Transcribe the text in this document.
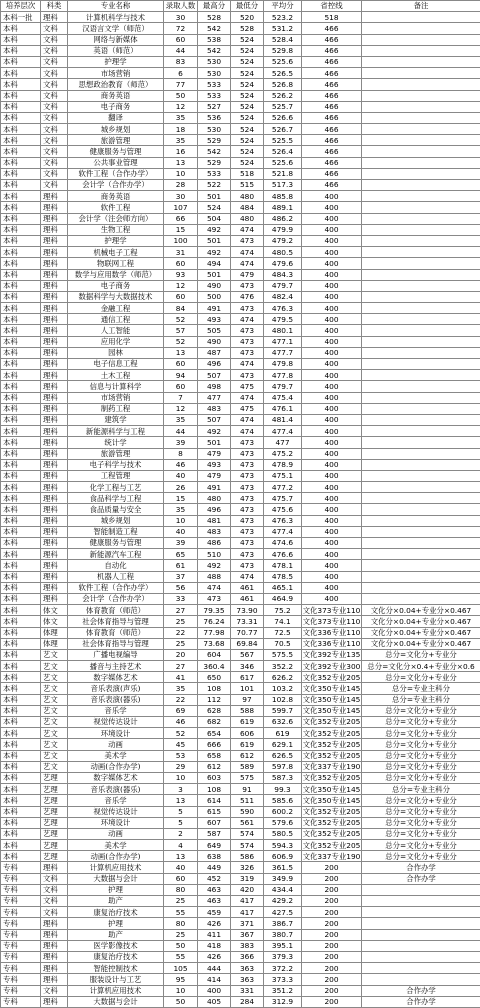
培养层次	科类	专业名称	录取人数	最高分	最低分	平均分	省控线	备注
本科一批	理科	计算机科学与技术	30	528	520	523.2	518	
本科	文科	汉语言文学（师范）	72	542	528	531.2	466	
本科	文科	网络与新媒体	60	538	524	528.4	466	
本科	文科	英语（师范）	44	542	524	529.8	466	
本科	文科	护理学	83	530	524	525.6	466	
本科	文科	市场营销	6	530	524	526.5	466	
本科	文科	思想政治教育（师范）	77	533	524	526.8	466	
本科	文科	商务英语	50	533	524	526.2	466	
本科	文科	电子商务	12	527	524	525.7	466	
本科	文科	翻译	35	536	524	526.6	466	
本科	文科	城乡规划	18	530	524	526.7	466	
本科	文科	旅游管理	35	529	524	525.5	466	
本科	文科	健康服务与管理	16	542	524	526.4	466	
本科	文科	公共事业管理	13	529	524	525.6	466	
本科	文科	软件工程（合作办学）	10	533	518	521.8	466	
本科	文科	会计学（合作办学）	28	522	515	517.3	466	
本科	理科	商务英语	30	501	480	485.8	400	
本科	理科	软件工程	107	524	484	489.1	400	
本科	理科	会计学（注会师方向）	66	504	480	486.2	400	
本科	理科	生物工程	15	492	474	479.9	400	
本科	理科	护理学	100	501	473	479.2	400	
本科	理科	机械电子工程	31	492	474	480.5	400	
本科	理科	物联网工程	60	494	474	479.6	400	
本科	理科	数学与应用数学（师范）	93	501	479	484.3	400	
本科	理科	电子商务	12	490	473	479.7	400	
本科	理科	数据科学与大数据技术	60	500	476	482.4	400	
本科	理科	金融工程	84	491	473	476.3	400	
本科	理科	通信工程	52	493	474	479.5	400	
本科	理科	人工智能	57	505	473	480.1	400	
本科	理科	应用化学	52	490	473	477.1	400	
本科	理科	园林	13	487	473	477.7	400	
本科	理科	电子信息工程	60	496	474	479.8	400	
本科	理科	土木工程	94	507	473	477.8	400	
本科	理科	信息与计算科学	60	498	475	479.7	400	
本科	理科	市场营销	7	477	474	475.4	400	
本科	理科	制药工程	12	483	475	476.1	400	
本科	理科	建筑学	35	507	474	481.4	400	
本科	理科	新能源科学与工程	44	492	474	477.4	400	
本科	理科	统计学	39	501	473	477	400	
本科	理科	旅游管理	8	479	473	475.2	400	
本科	理科	电子科学与技术	46	493	473	478.9	400	
本科	理科	工程管理	40	479	473	475.1	400	
本科	理科	化学工程与工艺	26	491	473	477.2	400	
本科	理科	食品科学与工程	15	480	473	475.7	400	
本科	理科	食品质量与安全	35	496	473	475.6	400	
本科	理科	城乡规划	10	481	473	476.3	400	
本科	理科	智能制造工程	40	483	473	477.4	400	
本科	理科	健康服务与管理	39	486	473	474.6	400	
本科	理科	新能源汽车工程	65	510	473	476.6	400	
本科	理科	自动化	61	492	473	478.1	400	
本科	理科	机器人工程	37	488	474	478.5	400	
本科	理科	软件工程（合作办学）	56	474	461	465.1	400	
本科	理科	会计学（合作办学）	33	473	461	464.9	400	
本科	体文	体育教育（师范）	27	79.35	73.90	75.2	文化373专业110	文化分×0.04+专业分×0.467
本科	体文	社会体育指导与管理	25	76.24	73.31	74.1	文化373专业110	文化分×0.04+专业分×0.467
本科	体理	体育教育（师范）	22	77.98	70.77	72.5	文化336专业110	文化分×0.04+专业分×0.467
本科	体理	社会体育指导与管理	25	73.68	69.84	70.5	文化336专业110	文化分×0.04+专业分×0.467
本科	艺文	广播电视编导	20	604	567	575.5	文化392专业135	总分=文化分+专业分
本科	艺文	播音与主持艺术	27	360.4	346	352.2	文化392专业300	总分=文化分×0.4+专业分×0.6
本科	艺文	数字媒体艺术	41	650	617	626.2	文化352专业205	总分=文化分+专业分
本科	艺文	音乐表演(声乐)	35	108	101	103.2	文化350专业145	总分=专业主科分
本科	艺文	音乐表演(器乐)	22	112	97	102.8	文化350专业145	总分=专业主科分
本科	艺文	音乐学	69	628	588	599.7	文化350专业145	总分=文化分+专业分
本科	艺文	视觉传达设计	46	682	619	632.6	文化352专业205	总分=文化分+专业分
本科	艺文	环境设计	52	654	606	619	文化352专业205	总分=文化分+专业分
本科	艺文	动画	45	666	619	629.1	文化352专业205	总分=文化分+专业分
本科	艺文	美术学	53	658	612	626.5	文化352专业205	总分=文化分+专业分
本科	艺文	动画(合作办学)	29	612	589	597.8	文化337专业190	总分=文化分+专业分
本科	艺理	数字媒体艺术	10	603	575	587.3	文化352专业205	总分=文化分+专业分
本科	艺理	音乐表演(器乐)	3	108	91	99.3	文化350专业145	总分=专业主科分
本科	艺理	音乐学	13	614	511	585.6	文化350专业145	总分=文化分+专业分
本科	艺理	视觉传达设计	5	615	590	600.2	文化352专业205	总分=文化分+专业分
本科	艺理	环境设计	5	607	561	579.6	文化352专业205	总分=文化分+专业分
本科	艺理	动画	2	587	574	580.5	文化352专业205	总分=文化分+专业分
本科	艺理	美术学	4	649	574	594.3	文化352专业205	总分=文化分+专业分
本科	艺理	动画(合作办学)	13	638	586	606.9	文化337专业190	总分=文化分+专业分
专科	理科	计算机应用技术	40	449	326	361.5	200	合作办学
专科	文科	大数据与会计	60	452	319	349.9	200	合作办学
专科	文科	护理	80	463	420	434.4	200	
专科	文科	助产	25	463	417	429.2	200	
专科	文科	康复治疗技术	55	459	417	427.5	200	
专科	理科	护理	80	426	371	386.7	200	
专科	理科	助产	25	411	367	380.7	200	
专科	理科	医学影像技术	50	418	383	395.1	200	
专科	理科	康复治疗技术	55	426	366	379.3	200	
专科	理科	智能控制技术	105	444	363	372.2	200	
专科	理科	服装设计与工艺	95	414	363	373.3	200	
专科	文科	计算机应用技术	10	400	331	351.2	200	合作办学
专科	理科	大数据与会计	50	405	284	312.9	200	合作办学
